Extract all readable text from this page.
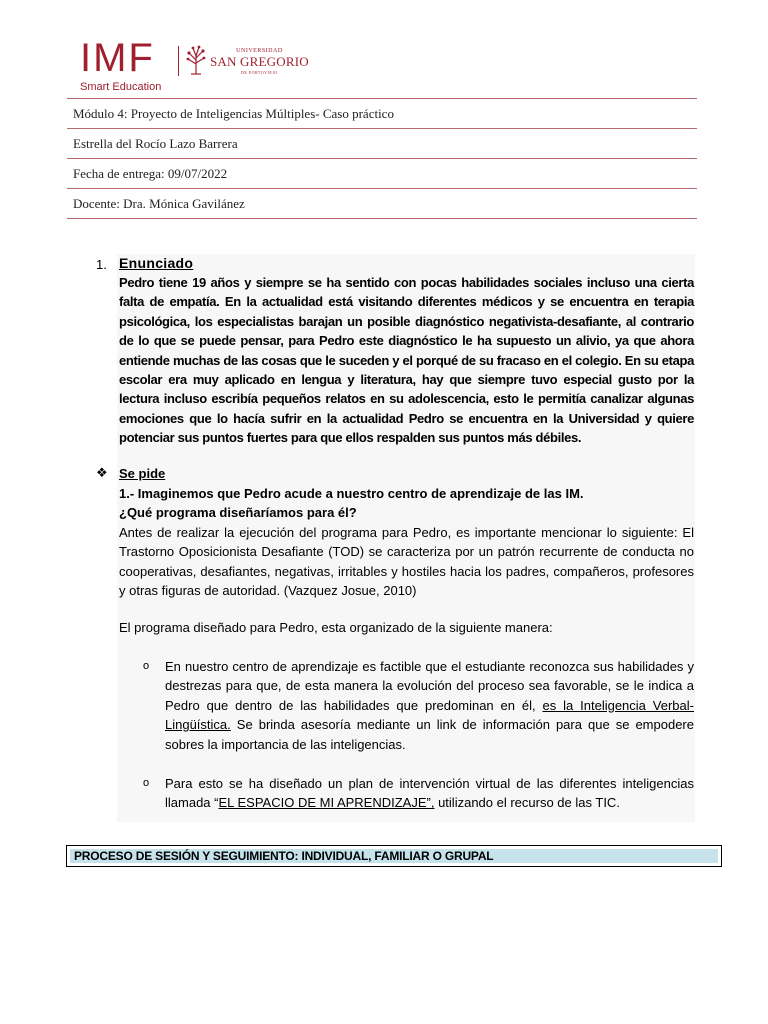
IMF
Smart Education
UNIVERSIDAD
SAN GREGORIO
DE PORTOVIEJO
Módulo 4: Proyecto de Inteligencias Múltiples- Caso práctico
Estrella del Rocío Lazo Barrera
Fecha de entrega: 09/07/2022
Docente: Dra. Mónica Gavilánez
1. Enunciado
Pedro tiene 19 años y siempre se ha sentido con pocas habilidades sociales incluso una cierta falta de empatía. En la actualidad está visitando diferentes médicos y se encuentra en terapia psicológica, los especialistas barajan un posible diagnóstico negativista-desafiante, al contrario de lo que se puede pensar, para Pedro este diagnóstico le ha supuesto un alivio, ya que ahora entiende muchas de las cosas que le suceden y el porqué de su fracaso en el colegio. En su etapa escolar era muy aplicado en lengua y literatura, hay que siempre tuvo especial gusto por la lectura incluso escribía pequeños relatos en su adolescencia, esto le permitía canalizar algunas emociones que lo hacía sufrir en la actualidad Pedro se encuentra en la Universidad y quiere potenciar sus puntos fuertes para que ellos respalden sus puntos más débiles.
❖ Se pide
1.- Imaginemos que Pedro acude a nuestro centro de aprendizaje de las IM.
¿Qué programa diseñaríamos para él?
Antes de realizar la ejecución del programa para Pedro, es importante mencionar lo siguiente: El Trastorno Oposicionista Desafiante (TOD) se caracteriza por un patrón recurrente de conducta no cooperativas, desafiantes, negativas, irritables y hostiles hacia los padres, compañeros, profesores y otras figuras de autoridad. (Vazquez Josue, 2010)
El programa diseñado para Pedro, esta organizado de la siguiente manera:
o En nuestro centro de aprendizaje es factible que el estudiante reconozca sus habilidades y destrezas para que, de esta manera la evolución del proceso sea favorable, se le indica a Pedro que dentro de las habilidades que predominan en él, es la Inteligencia Verbal-Lingüística. Se brinda asesoría mediante un link de información para que se empodere sobres la importancia de las inteligencias.
o Para esto se ha diseñado un plan de intervención virtual de las diferentes inteligencias llamada “EL ESPACIO DE MI APRENDIZAJE”, utilizando el recurso de las TIC.
PROCESO DE SESIÓN Y SEGUIMIENTO: INDIVIDUAL, FAMILIAR O GRUPAL
